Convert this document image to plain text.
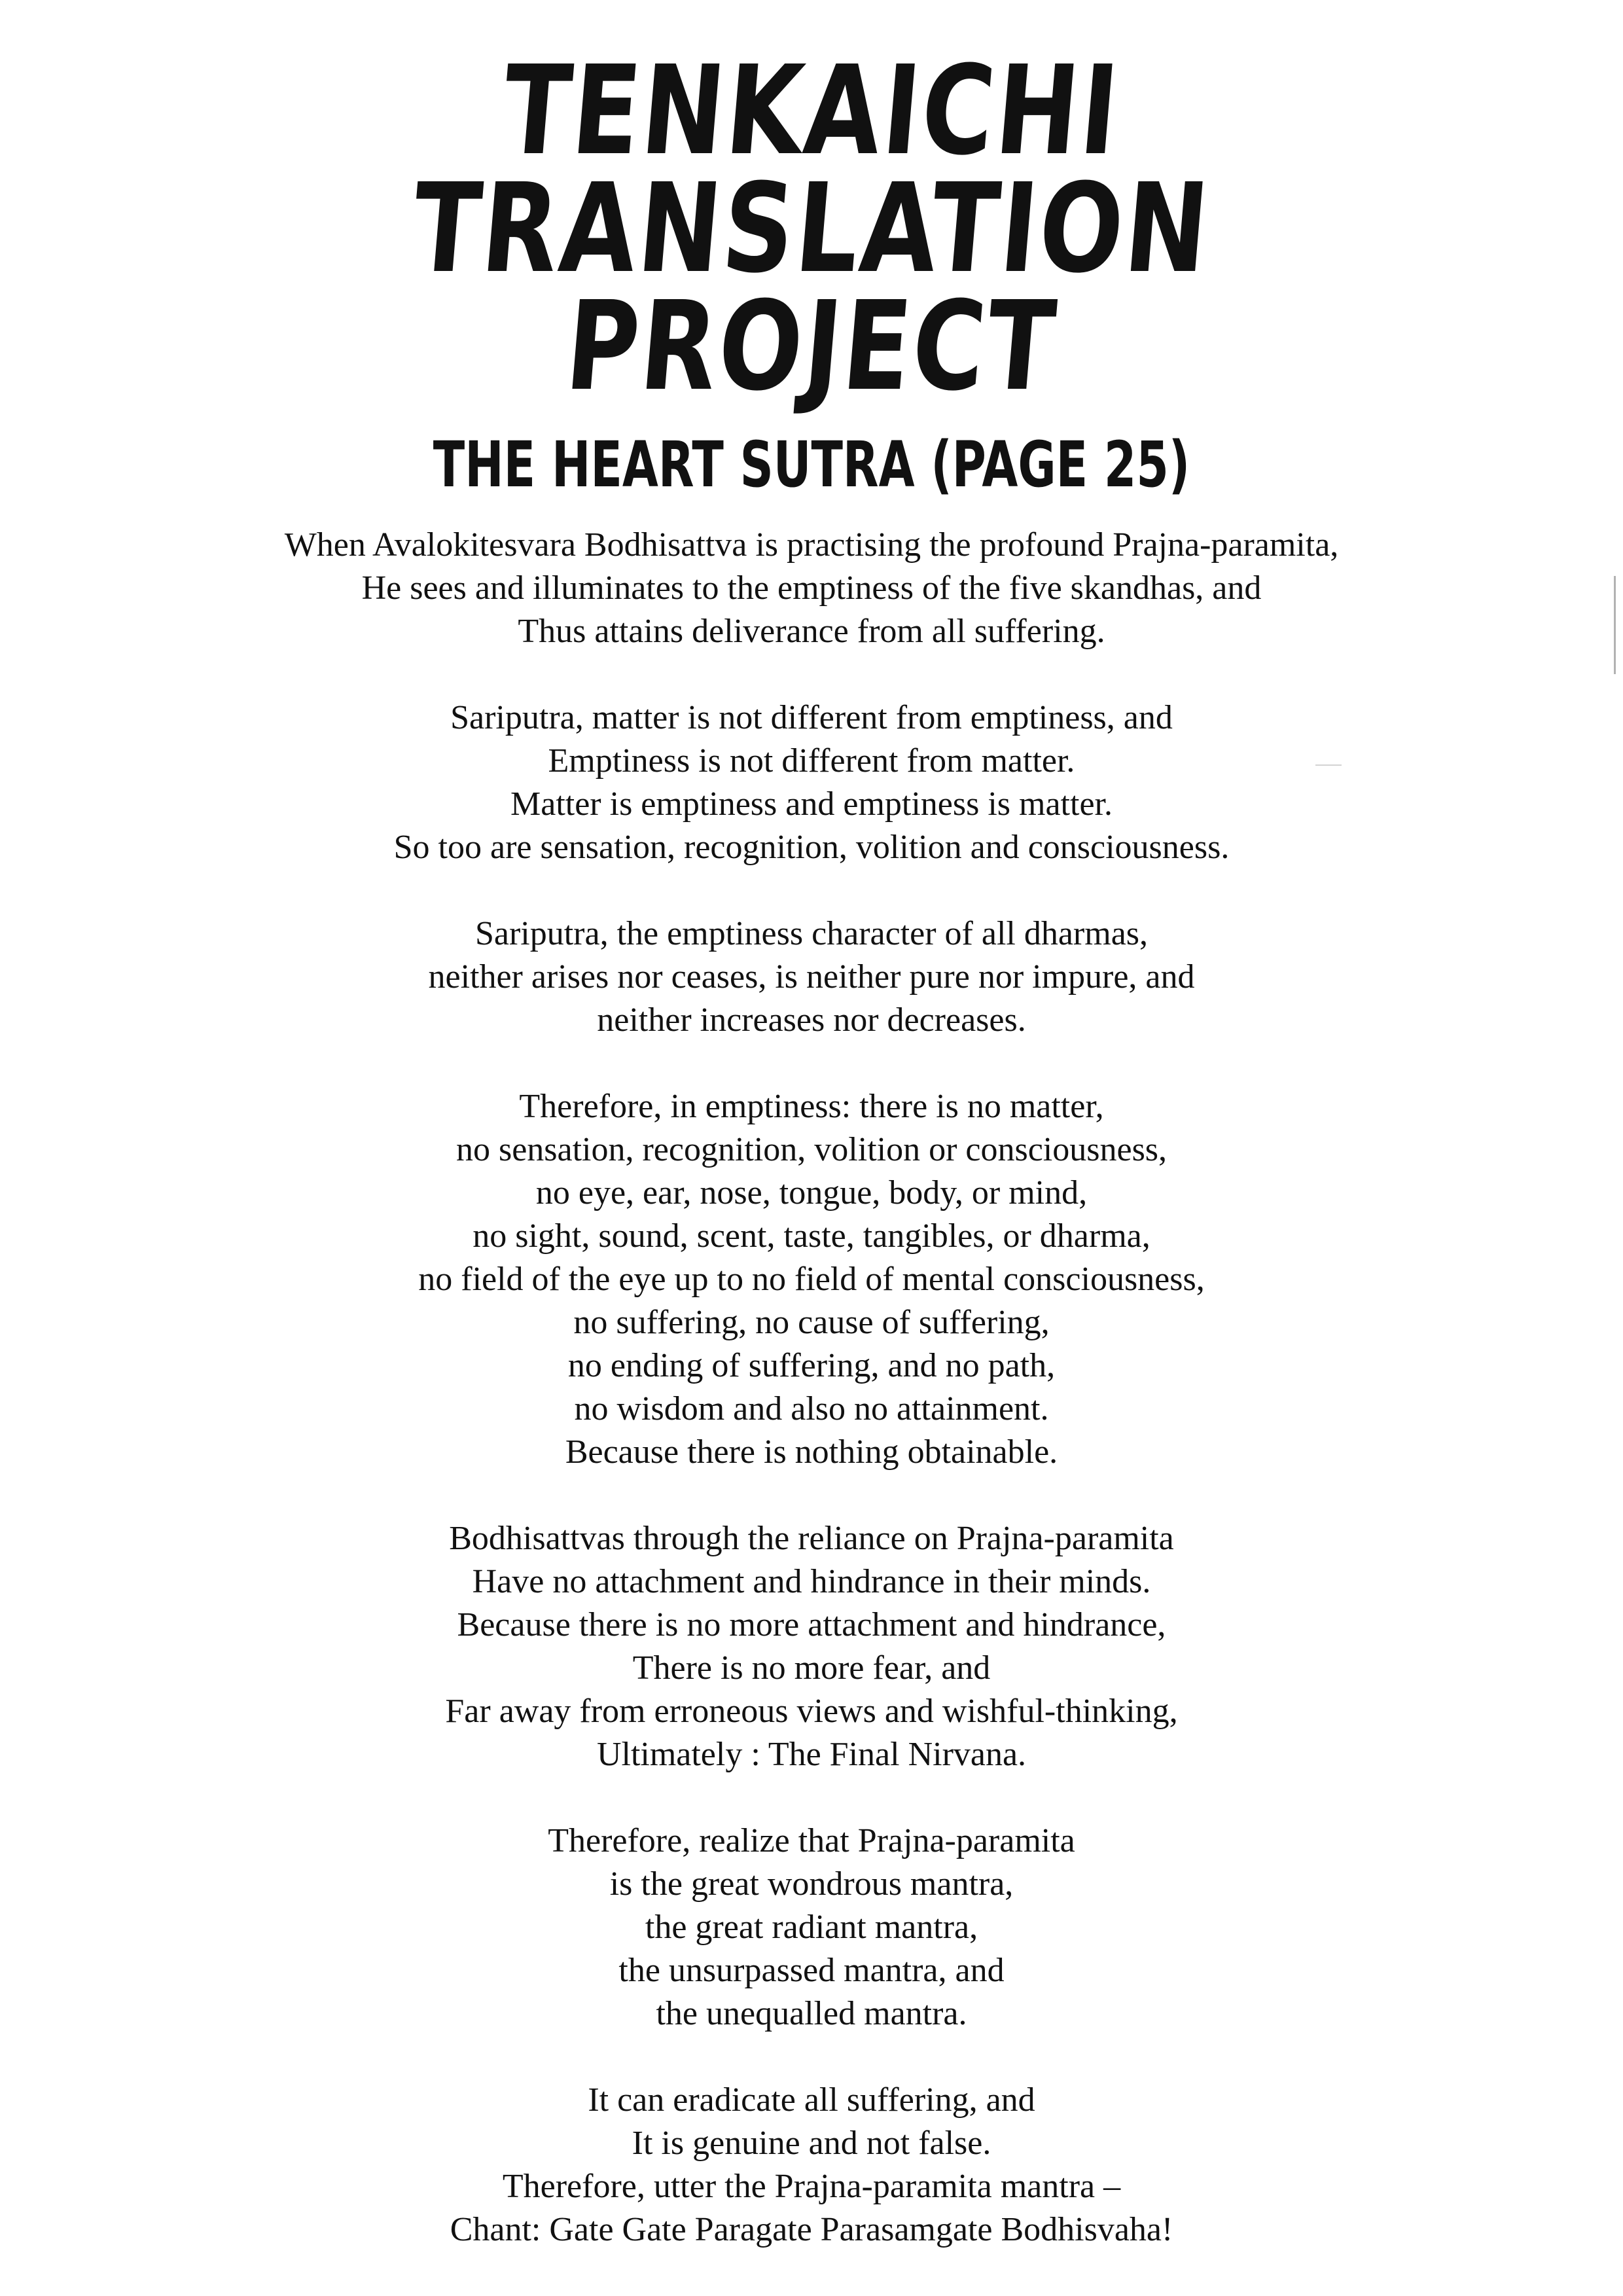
TENKAICHI
TRANSLATION
PROJECT
THE HEART SUTRA (PAGE 25)
When Avalokitesvara Bodhisattva is practising the profound Prajna-paramita,
He sees and illuminates to the emptiness of the five skandhas, and
Thus attains deliverance from all suffering.
Sariputra, matter is not different from emptiness, and
Emptiness is not different from matter.
Matter is emptiness and emptiness is matter.
So too are sensation, recognition, volition and consciousness.
Sariputra, the emptiness character of all dharmas,
neither arises nor ceases, is neither pure nor impure, and
neither increases nor decreases.
Therefore, in emptiness: there is no matter,
no sensation, recognition, volition or consciousness,
no eye, ear, nose, tongue, body, or mind,
no sight, sound, scent, taste, tangibles, or dharma,
no field of the eye up to no field of mental consciousness,
no suffering, no cause of suffering,
no ending of suffering, and no path,
no wisdom and also no attainment.
Because there is nothing obtainable.
Bodhisattvas through the reliance on Prajna-paramita
Have no attachment and hindrance in their minds.
Because there is no more attachment and hindrance,
There is no more fear, and
Far away from erroneous views and wishful-thinking,
Ultimately : The Final Nirvana.
Therefore, realize that Prajna-paramita
is the great wondrous mantra,
the great radiant mantra,
the unsurpassed mantra, and
the unequalled mantra.
It can eradicate all suffering, and
It is genuine and not false.
Therefore, utter the Prajna-paramita mantra –
Chant: Gate Gate Paragate Parasamgate Bodhisvaha!
